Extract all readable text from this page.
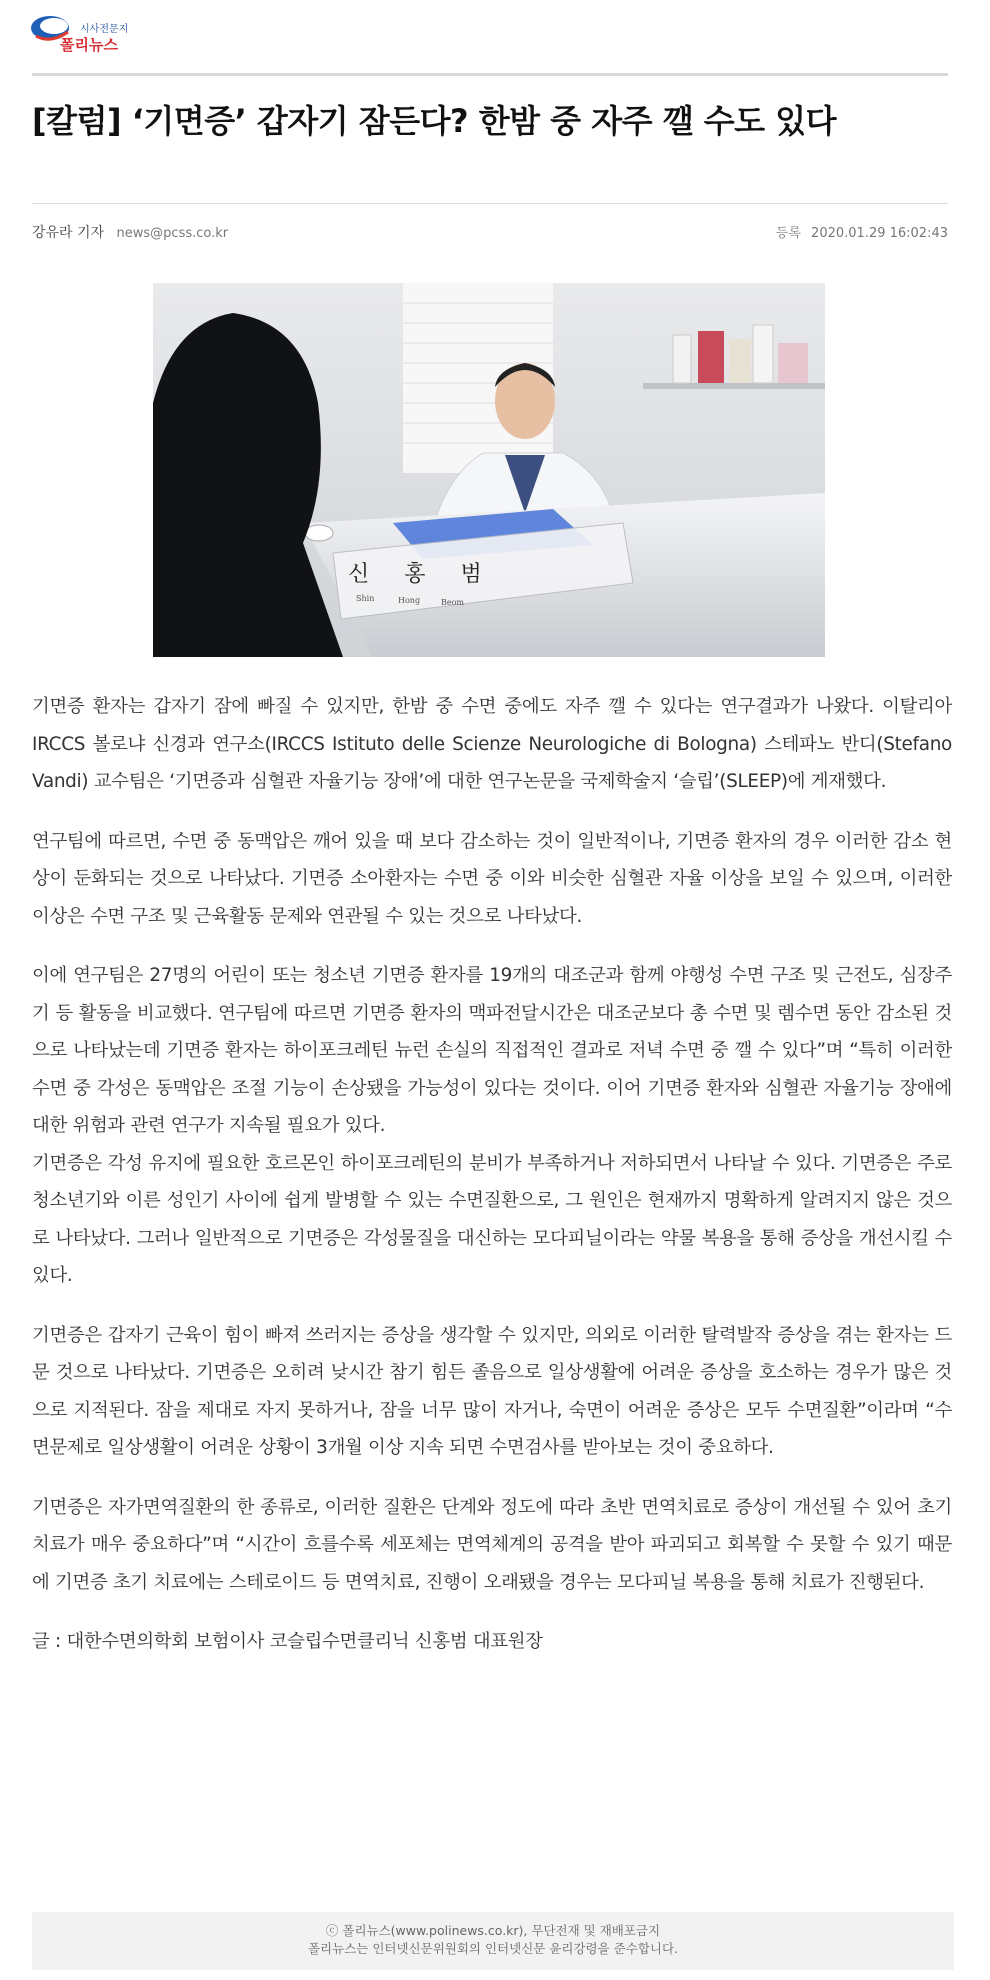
시사전문지
폴리뉴스
[칼럼] ‘기면증’ 갑자기 잠든다? 한밤 중 자주 깰 수도 있다
강유라 기자 news@pcss.co.kr	등록 2020.01.29 16:02:43
신 홍 범
Shin	Hong	Beom

기면증 환자는 갑자기 잠에 빠질 수 있지만, 한밤 중 수면 중에도 자주 깰 수 있다는 연구결과가 나왔다. 이탈리아 IRCCS 볼로냐 신경과 연구소(IRCCS Istituto delle Scienze Neurologiche di Bologna) 스테파노 반디(Stefano Vandi) 교수팀은 ‘기면증과 심혈관 자율기능 장애’에 대한 연구논문을 국제학술지 ‘슬립’(SLEEP)에 게재했다.

연구팀에 따르면, 수면 중 동맥압은 깨어 있을 때 보다 감소하는 것이 일반적이나, 기면증 환자의 경우 이러한 감소 현상이 둔화되는 것으로 나타났다. 기면증 소아환자는 수면 중 이와 비슷한 심혈관 자율 이상을 보일 수 있으며, 이러한 이상은 수면 구조 및 근육활동 문제와 연관될 수 있는 것으로 나타났다.

이에 연구팀은 27명의 어린이 또는 청소년 기면증 환자를 19개의 대조군과 함께 야행성 수면 구조 및 근전도, 심장주기 등 활동을 비교했다. 연구팀에 따르면 기면증 환자의 맥파전달시간은 대조군보다 총 수면 및 렘수면 동안 감소된 것으로 나타났는데 기면증 환자는 하이포크레틴 뉴런 손실의 직접적인 결과로 저녁 수면 중 깰 수 있다”며 “특히 이러한 수면 중 각성은 동맥압은 조절 기능이 손상됐을 가능성이 있다는 것이다. 이어 기면증 환자와 심혈관 자율기능 장애에 대한 위험과 관련 연구가 지속될 필요가 있다.

기면증은 각성 유지에 필요한 호르몬인 하이포크레틴의 분비가 부족하거나 저하되면서 나타날 수 있다. 기면증은 주로 청소년기와 이른 성인기 사이에 쉽게 발병할 수 있는 수면질환으로, 그 원인은 현재까지 명확하게 알려지지 않은 것으로 나타났다. 그러나 일반적으로 기면증은 각성물질을 대신하는 모다피닐이라는 약물 복용을 통해 증상을 개선시킬 수 있다.

기면증은 갑자기 근육이 힘이 빠져 쓰러지는 증상을 생각할 수 있지만, 의외로 이러한 탈력발작 증상을 겪는 환자는 드문 것으로 나타났다. 기면증은 오히려 낮시간 참기 힘든 졸음으로 일상생활에 어려운 증상을 호소하는 경우가 많은 것으로 지적된다. 잠을 제대로 자지 못하거나, 잠을 너무 많이 자거나, 숙면이 어려운 증상은 모두 수면질환”이라며 “수면문제로 일상생활이 어려운 상황이 3개월 이상 지속 되면 수면검사를 받아보는 것이 중요하다.

기면증은 자가면역질환의 한 종류로, 이러한 질환은 단계와 정도에 따라 초반 면역치료로 증상이 개선될 수 있어 초기 치료가 매우 중요하다”며 “시간이 흐를수록 세포체는 면역체계의 공격을 받아 파괴되고 회복할 수 못할 수 있기 때문에 기면증 초기 치료에는 스테로이드 등 면역치료, 진행이 오래됐을 경우는 모다피닐 복용을 통해 치료가 진행된다.

글 : 대한수면의학회 보험이사 코슬립수면클리닉 신홍범 대표원장

ⓒ 폴리뉴스(www.polinews.co.kr), 무단전재 및 재배포금지
폴리뉴스는 인터넷신문위원회의 인터넷신문 윤리강령을 준수합니다.
